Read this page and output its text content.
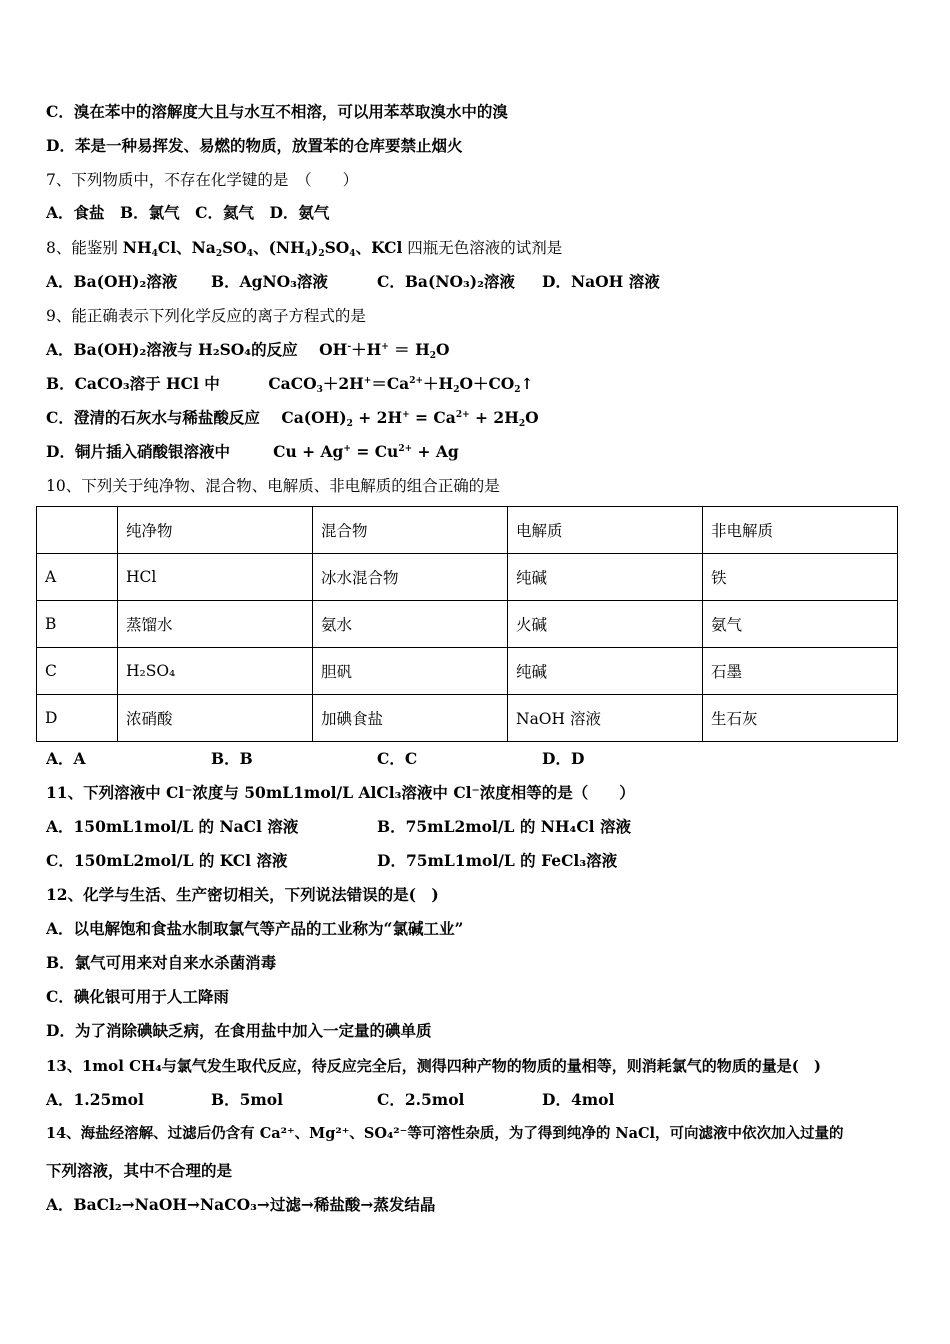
C．溴在苯中的溶解度大且与水互不相溶，可以用苯萃取溴水中的溴
D．苯是一种易挥发、易燃的物质，放置苯的仓库要禁止烟火
7、下列物质中，不存在化学键的是　（　　）
A．食盐　B．氯气　C．氦气　D．氨气
8、能鉴别 $NH_4Cl$、$Na_2SO_4$、$(NH_4)_2SO_4$、KCl 四瓶无色溶液的试剂是
A．Ba(OH)₂溶液 B．AgNO₃溶液	C．Ba(NO₃)₂溶液 D．NaOH 溶液
9、能正确表示下列化学反应的离子方程式的是
A．Ba(OH)₂溶液与 H₂SO₄的反应    $OH^-+H^+ = H_2O$
B．CaCO₃溶于 HCl 中         $CaCO_3+2H^+=Ca^{2+}+H_2O+CO_2↑$
C．澄清的石灰水与稀盐酸反应    $Ca(OH)_2 + 2H^+ = Ca^{2+} + 2H_2O$
D．铜片插入硝酸银溶液中        $Cu + Ag^+ = Cu^{2+} + Ag$
10、下列关于纯净物、混合物、电解质、非电解质的组合正确的是
	纯净物	混合物	电解质	非电解质
A	HCl	冰水混合物	纯碱	铁
B	蒸馏水	氨水	火碱	氨气
C	H₂SO₄	胆矾	纯碱	石墨
D	浓硝酸	加碘食盐	NaOH 溶液	生石灰
A．A	B．B	C．C	D．D
11、下列溶液中 Cl⁻浓度与 50mL1mol/L AlCl₃溶液中 Cl⁻浓度相等的是（　　）
A．150mL1mol/L 的 NaCl 溶液	B．75mL2mol/L 的 NH₄Cl 溶液
C．150mL2mol/L 的 KCl 溶液	D．75mL1mol/L 的 FeCl₃溶液
12、化学与生活、生产密切相关，下列说法错误的是(　)
A．以电解饱和食盐水制取氯气等产品的工业称为“氯碱工业”
B．氯气可用来对自来水杀菌消毒
C．碘化银可用于人工降雨
D．为了消除碘缺乏病，在食用盐中加入一定量的碘单质
13、1mol CH₄与氯气发生取代反应，待反应完全后，测得四种产物的物质的量相等，则消耗氯气的物质的量是(　)
A．1.25mol	B．5mol	C．2.5mol	D．4mol
14、海盐经溶解、过滤后仍含有 Ca²⁺、Mg²⁺、SO₄²⁻等可溶性杂质，为了得到纯净的 NaCl，可向滤液中依次加入过量的
下列溶液，其中不合理的是
A．BaCl₂→NaOH→NaCO₃→过滤→稀盐酸→蒸发结晶
